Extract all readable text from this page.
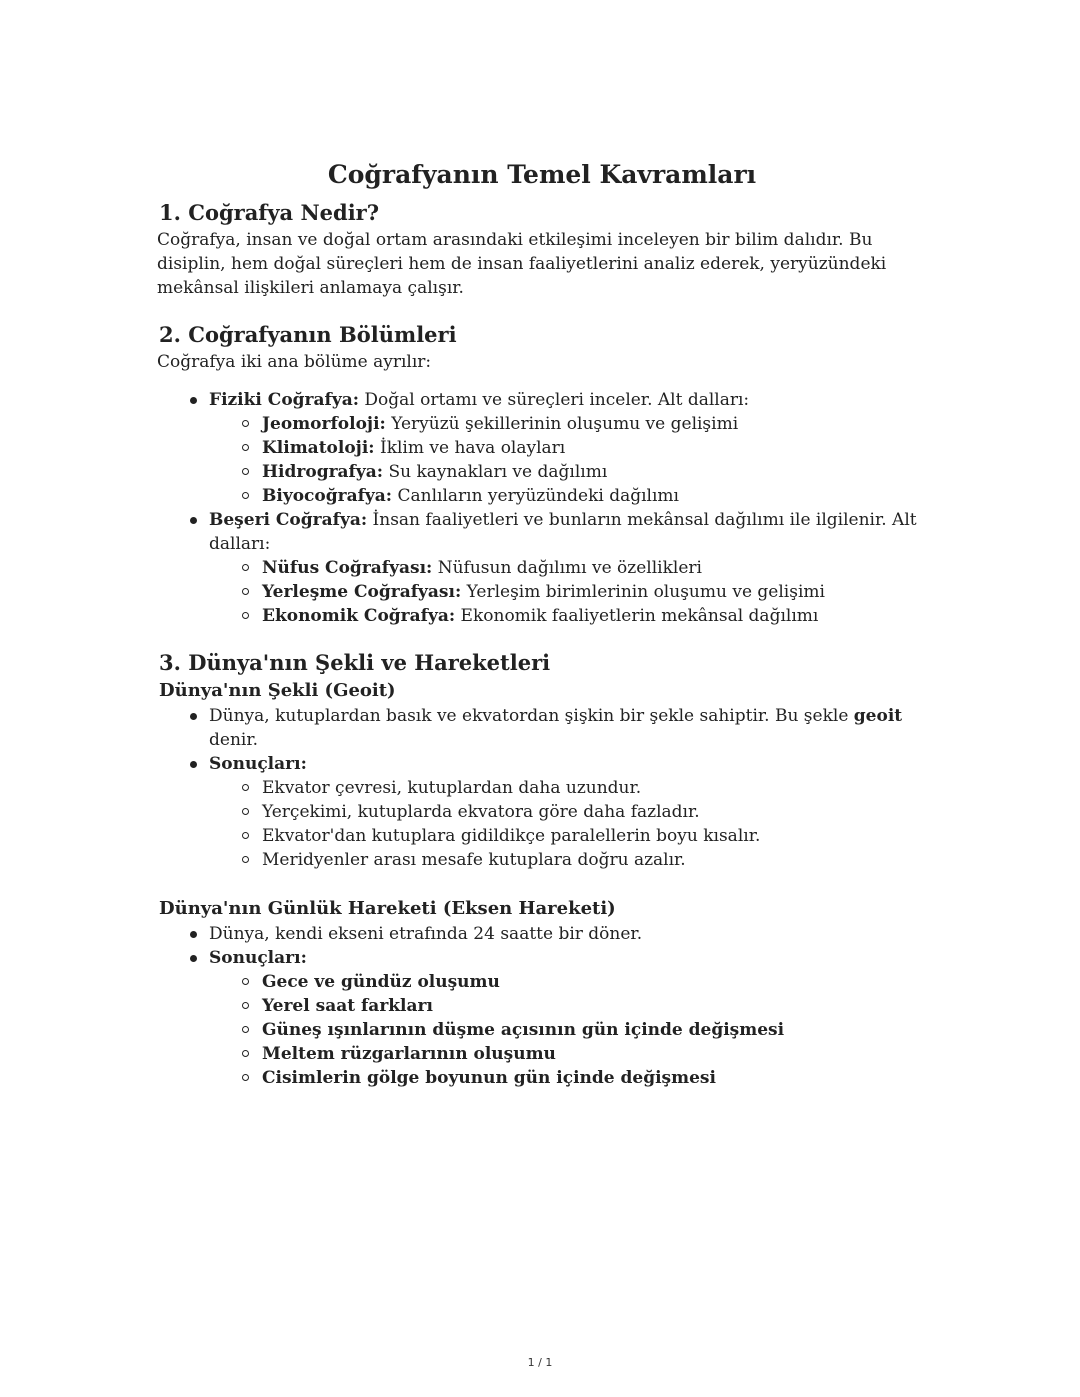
Coğrafyanın Temel Kavramları
1. Coğrafya Nedir?

Coğrafya, insan ve doğal ortam arasındaki etkileşimi inceleyen bir bilim dalıdır. Bu disiplin, hem doğal süreçleri hem de insan faaliyetlerini analiz ederek, yeryüzündeki mekânsal ilişkileri anlamaya çalışır.

2. Coğrafyanın Bölümleri

Coğrafya iki ana bölüme ayrılır:

Fiziki Coğrafya: Doğal ortamı ve süreçleri inceler. Alt dalları:
Jeomorfoloji: Yeryüzü şekillerinin oluşumu ve gelişimi
Klimatoloji: İklim ve hava olayları
Hidrografya: Su kaynakları ve dağılımı
Biyocoğrafya: Canlıların yeryüzündeki dağılımı
Beşeri Coğrafya: İnsan faaliyetleri ve bunların mekânsal dağılımı ile ilgilenir. Alt dalları:
Nüfus Coğrafyası: Nüfusun dağılımı ve özellikleri
Yerleşme Coğrafyası: Yerleşim birimlerinin oluşumu ve gelişimi
Ekonomik Coğrafya: Ekonomik faaliyetlerin mekânsal dağılımı
3. Dünya'nın Şekli ve Hareketleri
Dünya'nın Şekli (Geoit)
Dünya, kutuplardan basık ve ekvatordan şişkin bir şekle sahiptir. Bu şekle geoit denir.
Sonuçları:
Ekvator çevresi, kutuplardan daha uzundur.
Yerçekimi, kutuplarda ekvatora göre daha fazladır.
Ekvator'dan kutuplara gidildikçe paralellerin boyu kısalır.
Meridyenler arası mesafe kutuplara doğru azalır.
Dünya'nın Günlük Hareketi (Eksen Hareketi)
Dünya, kendi ekseni etrafında 24 saatte bir döner.
Sonuçları:
Gece ve gündüz oluşumu
Yerel saat farkları
Güneş ışınlarının düşme açısının gün içinde değişmesi
Meltem rüzgarlarının oluşumu
Cisimlerin gölge boyunun gün içinde değişmesi
1 / 1
